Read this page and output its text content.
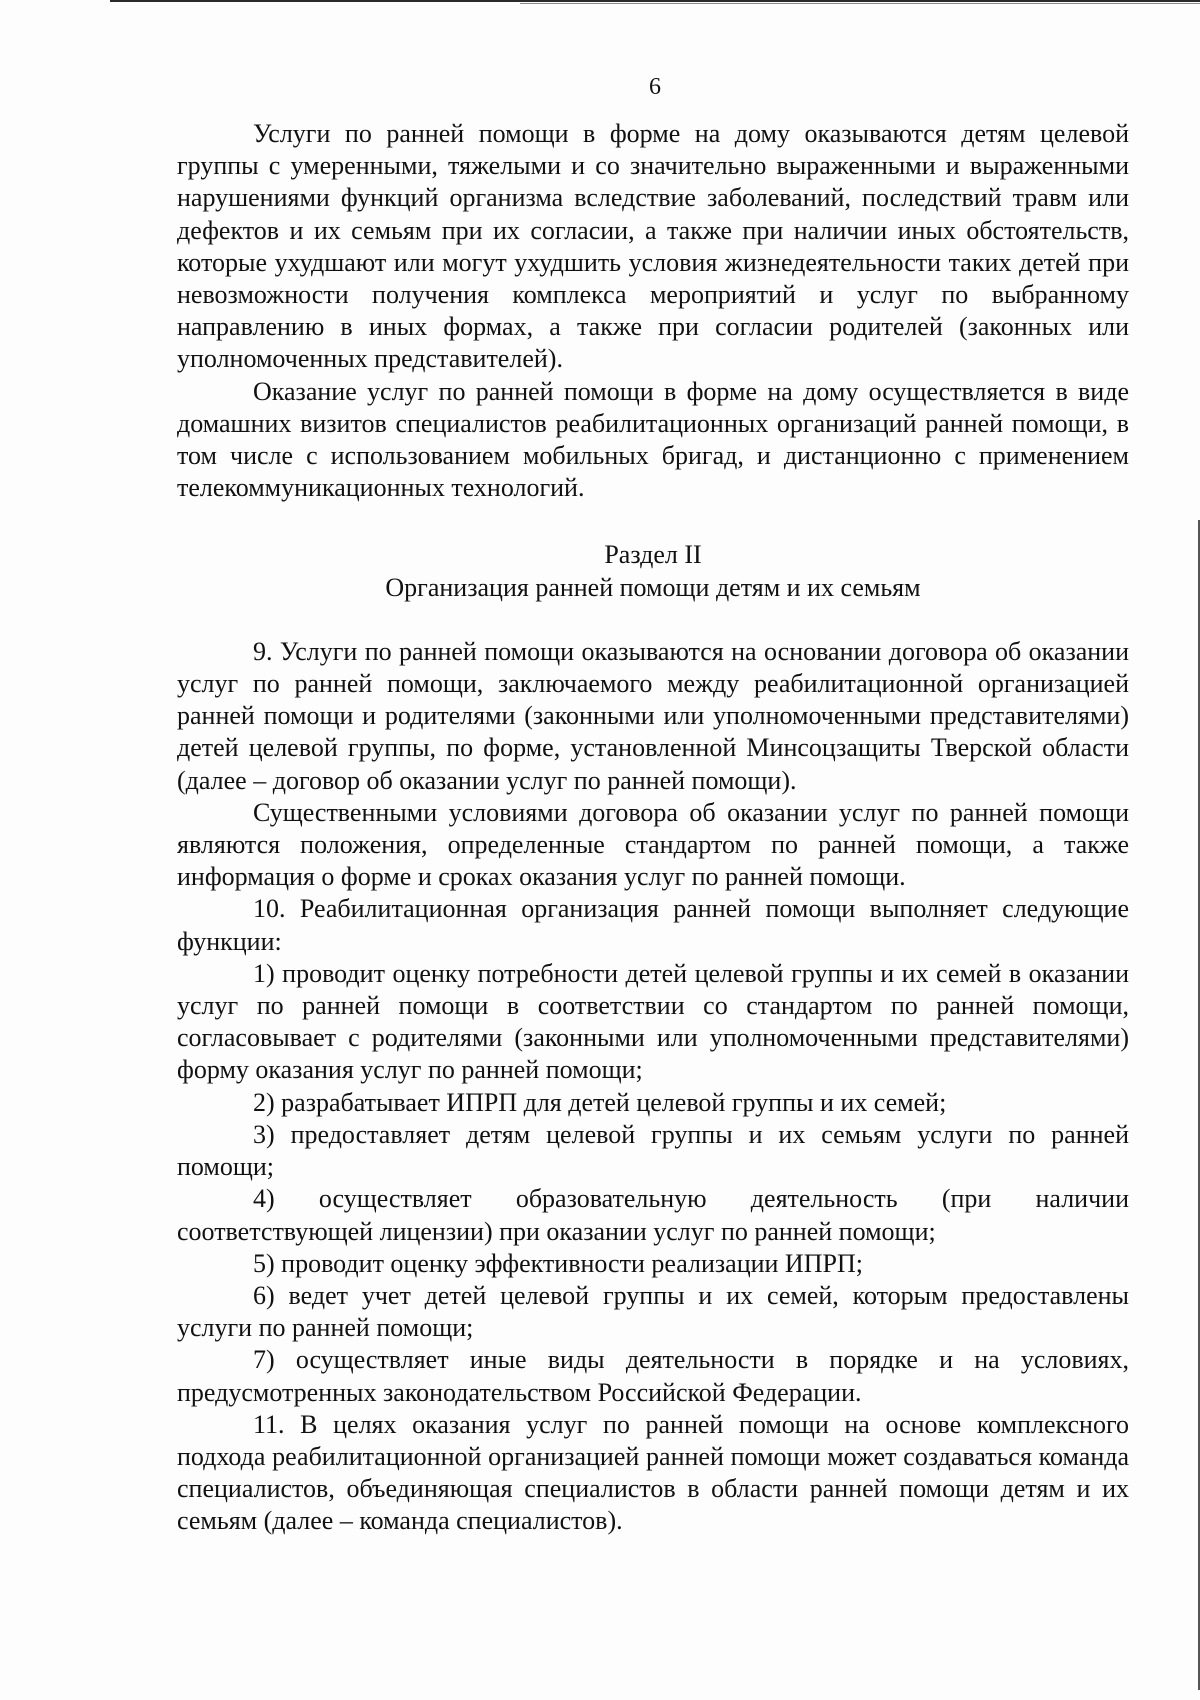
6

Услуги по ранней помощи в форме на дому оказываются детям целевой группы с умеренными, тяжелыми и со значительно выраженными и выраженными нарушениями функций организма вследствие заболеваний, последствий травм или дефектов и их семьям при их согласии, а также при наличии иных обстоятельств, которые ухудшают или могут ухудшить условия жизнедеятельности таких детей при невозможности получения комплекса мероприятий и услуг по выбранному направлению в иных формах, а также при согласии родителей (законных или уполномоченных представителей).

Оказание услуг по ранней помощи в форме на дому осуществляется в виде домашних визитов специалистов реабилитационных организаций ранней помощи, в том числе с использованием мобильных бригад, и дистанционно с применением телекоммуникационных технологий.

Раздел II

Организация ранней помощи детям и их семьям

9. Услуги по ранней помощи оказываются на основании договора об оказании услуг по ранней помощи, заключаемого между реабилитационной организацией ранней помощи и родителями (законными или уполномоченными представителями) детей целевой группы, по форме, установленной Минсоцзащиты Тверской области (далее – договор об оказании услуг по ранней помощи).

Существенными условиями договора об оказании услуг по ранней помощи являются положения, определенные стандартом по ранней помощи, а также информация о форме и сроках оказания услуг по ранней помощи.

10. Реабилитационная организация ранней помощи выполняет следующие функции:

1) проводит оценку потребности детей целевой группы и их семей в оказании услуг по ранней помощи в соответствии со стандартом по ранней помощи, согласовывает с родителями (законными или уполномоченными представителями) форму оказания услуг по ранней помощи;

2) разрабатывает ИПРП для детей целевой группы и их семей;

3) предоставляет детям целевой группы и их семьям услуги по ранней помощи;

4) осуществляет образовательную деятельность (при наличии соответствующей лицензии) при оказании услуг по ранней помощи;

5) проводит оценку эффективности реализации ИПРП;

6) ведет учет детей целевой группы и их семей, которым предоставлены услуги по ранней помощи;

7) осуществляет иные виды деятельности в порядке и на условиях, предусмотренных законодательством Российской Федерации.

11. В целях оказания услуг по ранней помощи на основе комплексного подхода реабилитационной организацией ранней помощи может создаваться команда специалистов, объединяющая специалистов в области ранней помощи детям и их семьям (далее – команда специалистов).
